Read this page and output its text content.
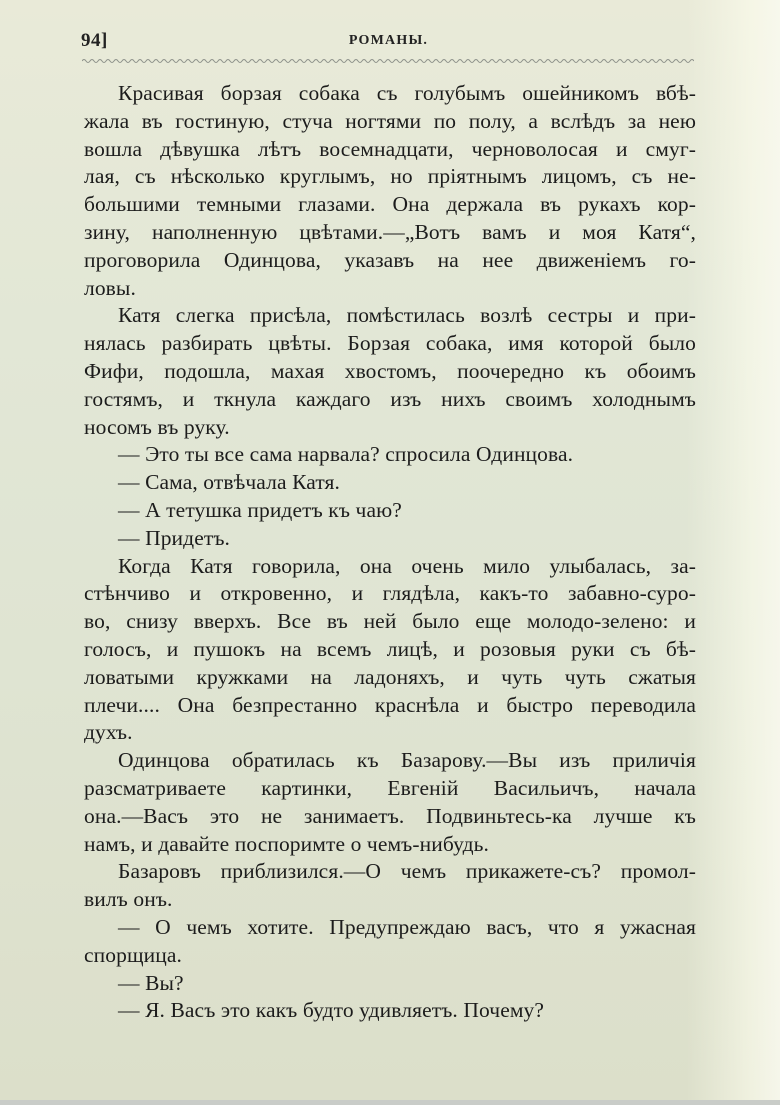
94]	РОМАНЫ.

Красивая борзая собака съ голубымъ ошейникомъ вбѣ-
жала въ гостиную, стуча ногтями по полу, а вслѣдъ за нею
вошла дѣвушка лѣтъ восемнадцати, черноволосая и смуг-
лая, съ нѣсколько круглымъ, но пріятнымъ лицомъ, съ не-
большими темными глазами. Она держала въ рукахъ кор-
зину, наполненную цвѣтами.—„Вотъ вамъ и моя Катя“,
проговорила Одинцова, указавъ на нее движеніемъ го-
ловы.

Катя слегка присѣла, помѣстилась возлѣ сестры и при-
нялась разбирать цвѣты. Борзая собака, имя которой было
Фифи, подошла, махая хвостомъ, поочередно къ обоимъ
гостямъ, и ткнула каждаго изъ нихъ своимъ холоднымъ
носомъ въ руку.

— Это ты все сама нарвала? спросила Одинцова.

— Сама, отвѣчала Катя.

— А тетушка придетъ къ чаю?

— Придетъ.

Когда Катя говорила, она очень мило улыбалась, за-
стѣнчиво и откровенно, и глядѣла, какъ-то забавно-суро-
во, снизу вверхъ. Все въ ней было еще молодо-зелено: и
голосъ, и пушокъ на всемъ лицѣ, и розовыя руки съ бѣ-
ловатыми кружками на ладоняхъ, и чуть чуть сжатыя
плечи.... Она безпрестанно краснѣла и быстро переводила
духъ.

Одинцова обратилась къ Базарову.—Вы изъ приличія
разсматриваете картинки, Евгеній Васильичъ, начала
она.—Васъ это не занимаетъ. Подвиньтесь-ка лучше къ
намъ, и давайте поспоримте о чемъ-нибудь.

Базаровъ приблизился.—О чемъ прикажете-съ? промол-
вилъ онъ.

— О чемъ хотите. Предупреждаю васъ, что я ужасная
спорщица.

— Вы?

— Я. Васъ это какъ будто удивляетъ. Почему?
